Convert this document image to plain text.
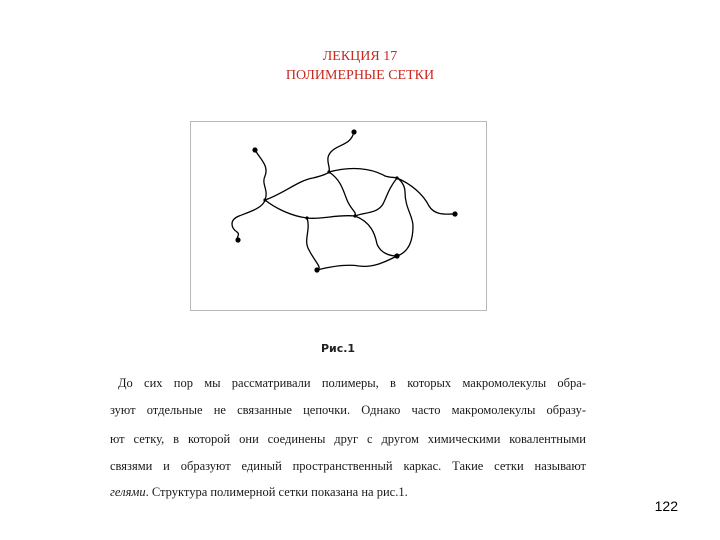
ЛЕКЦИЯ 17
ПОЛИМЕРНЫЕ СЕТКИ
Рис.1
До сих пор мы рассматривали полимеры, в которых макромолекулы обра-
зуют отдельные не связанные цепочки. Однако часто макромолекулы образу-
ют сетку, в которой они соединены друг с другом химическими ковалентными
связями и образуют единый пространственный каркас. Такие сетки называют
гелями. Структура полимерной сетки показана на рис.1.
122
